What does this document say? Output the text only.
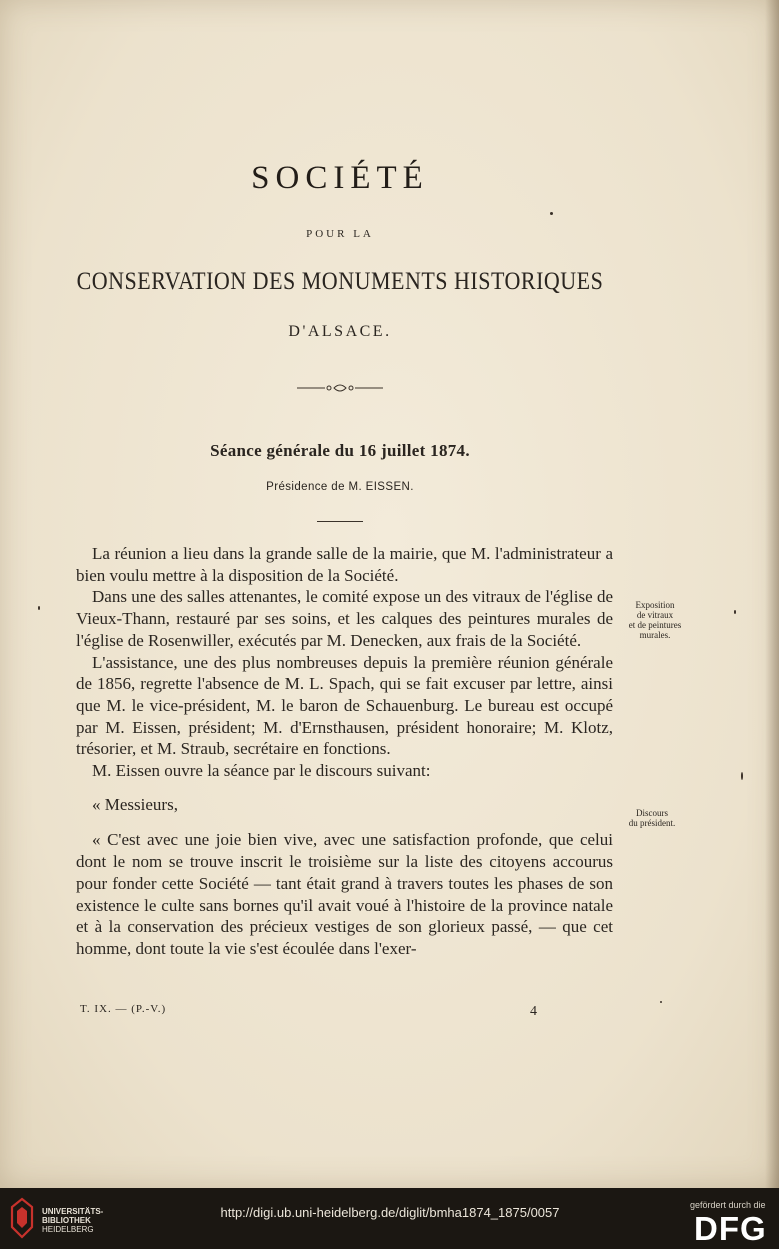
SOCIÉTÉ
POUR LA
CONSERVATION DES MONUMENTS HISTORIQUES
D'ALSACE.
Séance générale du 16 juillet 1874.
Présidence de M. EISSEN.

La réunion a lieu dans la grande salle de la mairie, que M. l'administrateur a bien voulu mettre à la disposition de la Société.

Dans une des salles attenantes, le comité expose un des vitraux de l'église de Vieux-Thann, restauré par ses soins, et les calques des peintures murales de l'église de Rosenwiller, exécutés par M. Denecken, aux frais de la Société.

L'assistance, une des plus nombreuses depuis la première réunion générale de 1856, regrette l'absence de M. L. Spach, qui se fait excuser par lettre, ainsi que M. le vice-président, M. le baron de Schauenburg. Le bureau est occupé par M. Eissen, président; M. d'Ernsthausen, président honoraire; M. Klotz, trésorier, et M. Straub, secrétaire en fonctions.

M. Eissen ouvre la séance par le discours suivant:

« Messieurs,

« C'est avec une joie bien vive, avec une satisfaction profonde, que celui dont le nom se trouve inscrit le troisième sur la liste des citoyens accourus pour fonder cette Société — tant était grand à travers toutes les phases de son existence le culte sans bornes qu'il avait voué à l'histoire de la province natale et à la conservation des précieux vestiges de son glorieux passé, — que cet homme, dont toute la vie s'est écoulée dans l'exer-

Exposition
de vitraux
et de peintures
murales.
Discours
du président.
T. IX. — (P.-V.)	4
UNIVERSITÄTS-
BIBLIOTHEK
HEIDELBERG
http://digi.ub.uni-heidelberg.de/diglit/bmha1874_1875/0057	gefördert durch die
DFG
